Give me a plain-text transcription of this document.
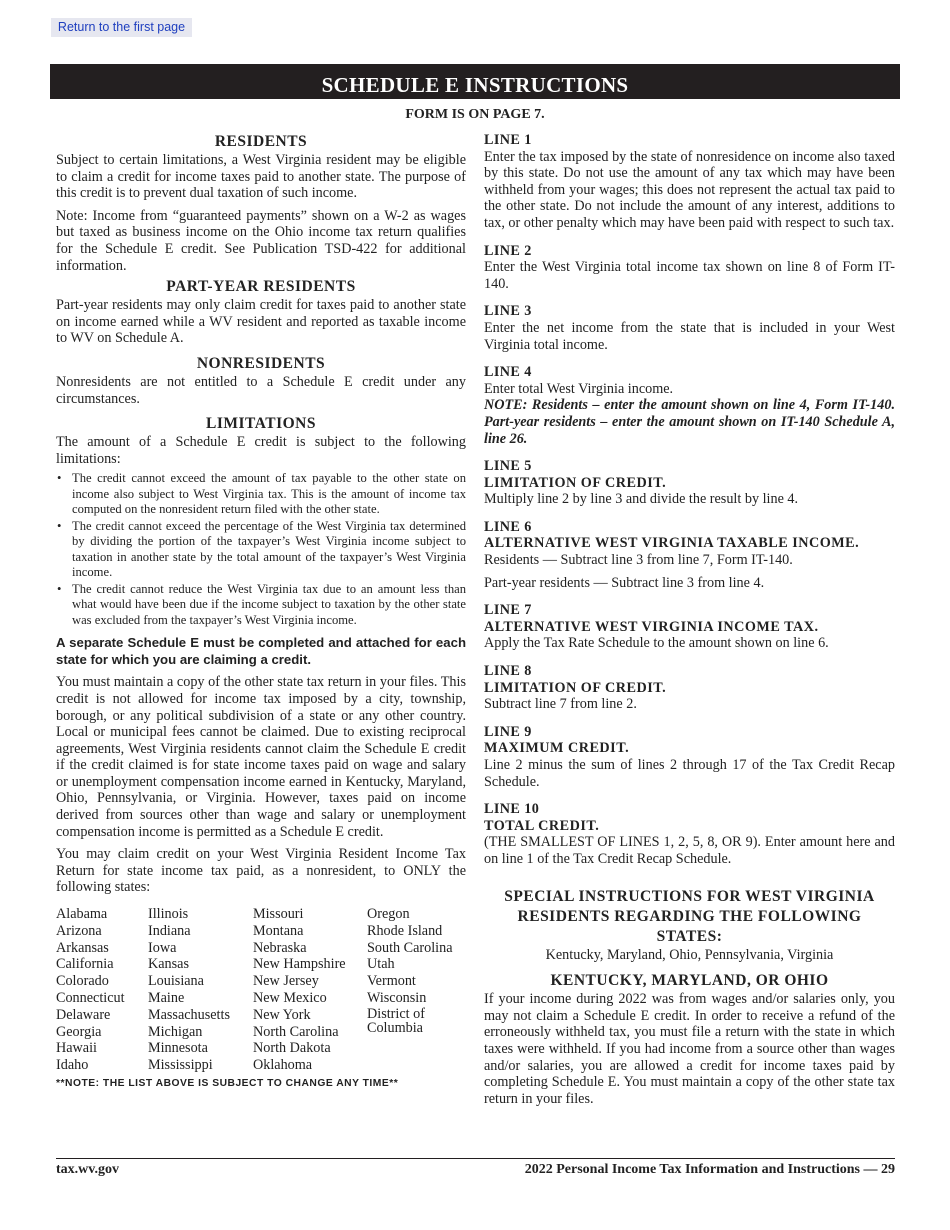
Return to the first page
SCHEDULE E INSTRUCTIONS
FORM IS ON PAGE 7.
RESIDENTS

Subject to certain limitations, a West Virginia resident may be eligible to claim a credit for income taxes paid to another state. The purpose of this credit is to prevent dual taxation of such income.

Note: Income from “guaranteed payments” shown on a W-2 as wages but taxed as business income on the Ohio income tax return qualifies for the Schedule E credit. See Publication TSD-422 for additional information.

PART-YEAR RESIDENTS

Part-year residents may only claim credit for taxes paid to another state on income earned while a WV resident and reported as taxable income to WV on Schedule A.

NONRESIDENTS

Nonresidents are not entitled to a Schedule E credit under any circumstances.

LIMITATIONS

The amount of a Schedule E credit is subject to the following limitations:

• The credit cannot exceed the amount of tax payable to the other state on income also subject to West Virginia tax. This is the amount of income tax computed on the nonresident return filed with the other state.
• The credit cannot exceed the percentage of the West Virginia tax determined by dividing the portion of the taxpayer’s West Virginia income subject to taxation in another state by the total amount of the taxpayer’s West Virginia income.
• The credit cannot reduce the West Virginia tax due to an amount less than what would have been due if the income subject to taxation by the other state was excluded from the taxpayer’s West Virginia income.

A separate Schedule E must be completed and attached for each state for which you are claiming a credit.

You must maintain a copy of the other state tax return in your files. This credit is not allowed for income tax imposed by a city, township, borough, or any political subdivision of a state or any other country. Local or municipal fees cannot be claimed. Due to existing reciprocal agreements, West Virginia residents cannot claim the Schedule E credit if the credit claimed is for state income taxes paid on wage and salary or unemployment compensation income earned in Kentucky, Maryland, Ohio, Pennsylvania, or Virginia. However, taxes paid on income derived from sources other than wage and salary or unemployment compensation income is permitted as a Schedule E credit.

You may claim credit on your West Virginia Resident Income Tax Return for state income tax paid, as a nonresident, to ONLY the following states:

Alabama
Arizona
Arkansas
California
Colorado
Connecticut
Delaware
Georgia
Hawaii
Idaho
Illinois
Indiana
Iowa
Kansas
Louisiana
Maine
Massachusetts
Michigan
Minnesota
Mississippi
Missouri
Montana
Nebraska
New Hampshire
New Jersey
New Mexico
New York
North Carolina
North Dakota
Oklahoma
Oregon
Rhode Island
South Carolina
Utah
Vermont
Wisconsin
District of Columbia
**NOTE: THE LIST ABOVE IS SUBJECT TO CHANGE ANY TIME**

LINE 1

Enter the tax imposed by the state of nonresidence on income also taxed by this state. Do not use the amount of any tax which may have been withheld from your wages; this does not represent the actual tax paid to the other state. Do not include the amount of any interest, additions to tax, or other penalty which may have been paid with respect to such tax.

LINE 2

Enter the West Virginia total income tax shown on line 8 of Form IT-140.

LINE 3

Enter the net income from the state that is included in your West Virginia total income.

LINE 4

Enter total West Virginia income.

NOTE: Residents – enter the amount shown on line 4, Form IT-140. Part-year residents – enter the amount shown on IT-140 Schedule A, line 26.

LINE 5

LIMITATION OF CREDIT.

Multiply line 2 by line 3 and divide the result by line 4.

LINE 6

ALTERNATIVE WEST VIRGINIA TAXABLE INCOME.

Residents — Subtract line 3 from line 7, Form IT-140.

Part-year residents — Subtract line 3 from line 4.

LINE 7

ALTERNATIVE WEST VIRGINIA INCOME TAX.

Apply the Tax Rate Schedule to the amount shown on line 6.

LINE 8

LIMITATION OF CREDIT.

Subtract line 7 from line 2.

LINE 9

MAXIMUM CREDIT.

Line 2 minus the sum of lines 2 through 17 of the Tax Credit Recap Schedule.

LINE 10

TOTAL CREDIT.

(THE SMALLEST OF LINES 1, 2, 5, 8, OR 9). Enter amount here and on line 1 of the Tax Credit Recap Schedule.

SPECIAL INSTRUCTIONS FOR WEST VIRGINIA RESIDENTS REGARDING THE FOLLOWING STATES:

Kentucky, Maryland, Ohio, Pennsylvania, Virginia

KENTUCKY, MARYLAND, OR OHIO

If your income during 2022 was from wages and/or salaries only, you may not claim a Schedule E credit. In order to receive a refund of the erroneously withheld tax, you must file a return with the state in which taxes were withheld. If you had income from a source other than wages and/or salaries, you are allowed a credit for income taxes paid by completing Schedule E. You must maintain a copy of the other state tax return in your files.

tax.wv.gov	2022 Personal Income Tax Information and Instructions — 29
